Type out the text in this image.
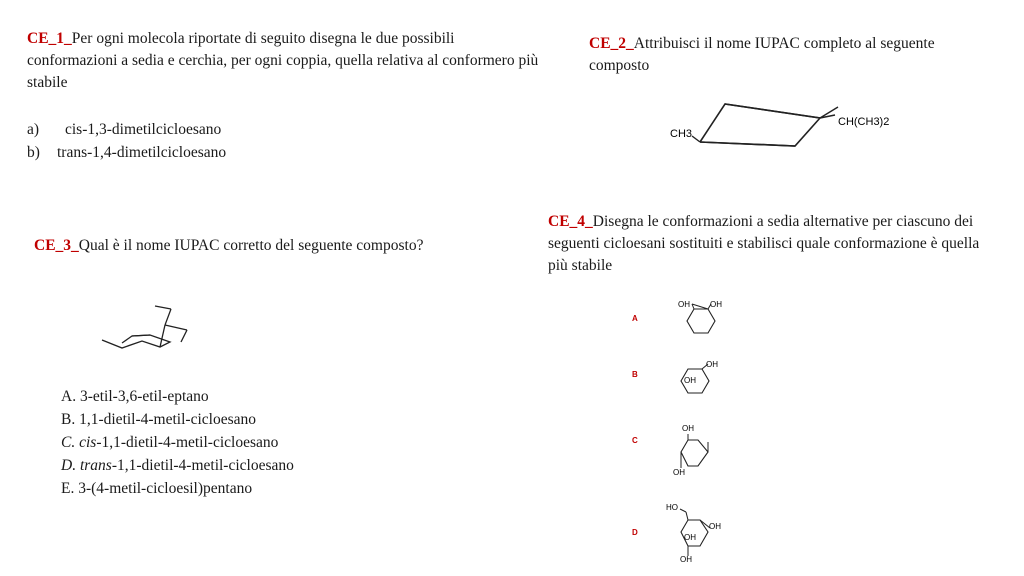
CE_1_Per ogni molecola riportate di seguito disegna le due possibili conformazioni a sedia e cerchia, per ogni coppia, quella relativa al conformero più stabile
a) cis-1,3-dimetilcicloesano
b) trans-1,4-dimetilcicloesano
CE_2_Attribuisci il nome IUPAC completo al seguente composto
CH3
CH(CH3)2
CE_3_Qual è il nome IUPAC corretto del seguente composto?
A. 3-etil-3,6-etil-eptano
B. 1,1-dietil-4-metil-cicloesano
C. cis-1,1-dietil-4-metil-cicloesano
D. trans-1,1-dietil-4-metil-cicloesano
E. 3-(4-metil-cicloesil)pentano
CE_4_Disegna le conformazioni a sedia alternative per ciascuno dei seguenti cicloesani sostituiti e stabilisci quale conformazione è quella più stabile
A
OH	OH
B
OH
OH
C
OH
OH
D
HO
OH
OH
OH
